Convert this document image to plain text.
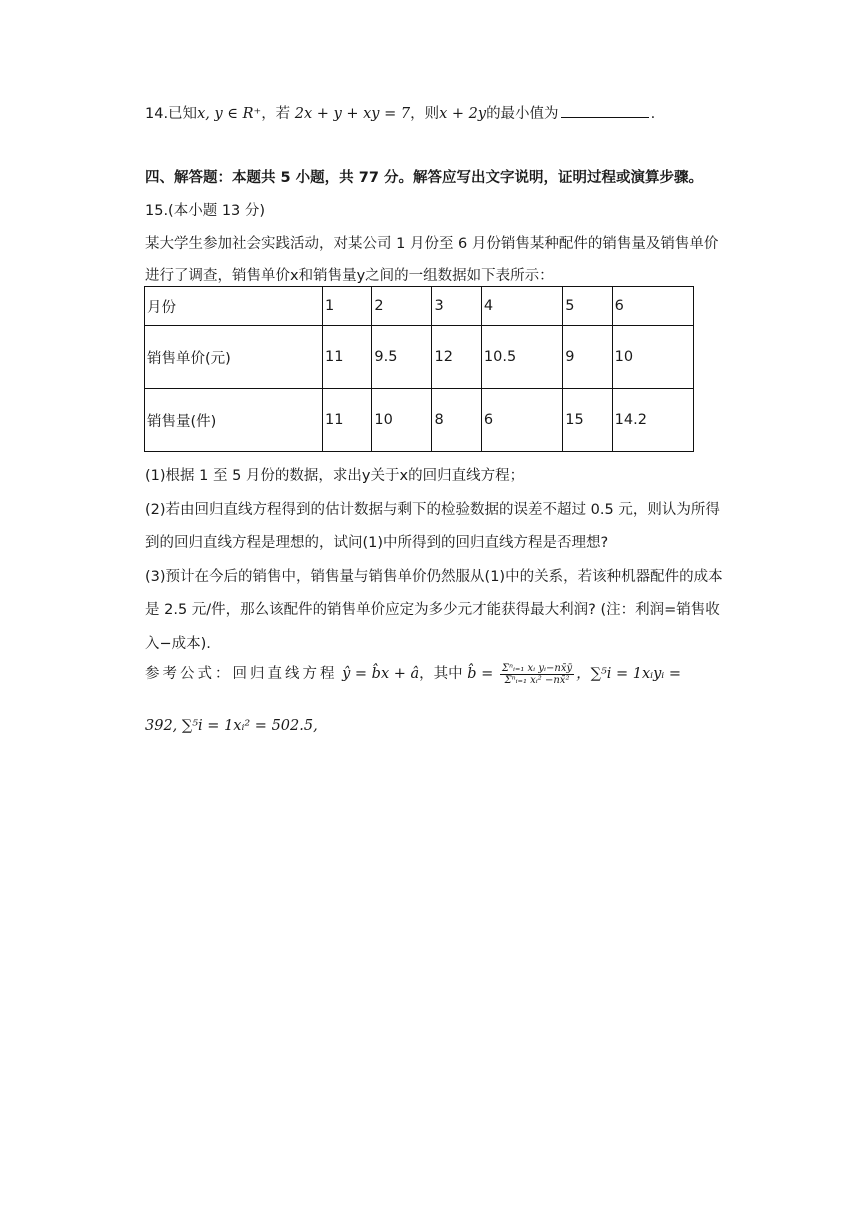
14.已知x, y ∈ R⁺，若 2x + y + xy = 7，则x + 2y的最小值为	.
四、解答题：本题共 5 小题，共 77 分。解答应写出文字说明，证明过程或演算步骤。
15.(本小题 13 分)
某大学生参加社会实践活动，对某公司 1 月份至 6 月份销售某种配件的销售量及销售单价
进行了调查，销售单价x和销售量y之间的一组数据如下表所示：
月份	1	2	3	4	5	6
销售单价(元)	11	9.5	12	10.5	9	10
销售量(件)	11	10	8	6	15	14.2
(1)根据 1 至 5 月份的数据，求出y关于x的回归直线方程；
(2)若由回归直线方程得到的估计数据与剩下的检验数据的误差不超过 0.5 元，则认为所得
到的回归直线方程是理想的，试问(1)中所得到的回归直线方程是否理想?
(3)预计在今后的销售中，销售量与销售单价仍然服从(1)中的关系，若该种机器配件的成本
是 2.5 元/件，那么该配件的销售单价应定为多少元才能获得最大利润? (注：利润=销售收
入−成本).
参考公式：回归直线方程 ŷ = b̂x + â，其中 b̂ = $\frac{\text{Σⁿᵢ₌₁ xᵢ yᵢ−nx̄ȳ}}{\text{Σⁿᵢ₌₁ xᵢ² −nx̄²}}$ ，∑⁵i = 1xᵢyᵢ =
392, ∑⁵i = 1xᵢ² = 502.5,
